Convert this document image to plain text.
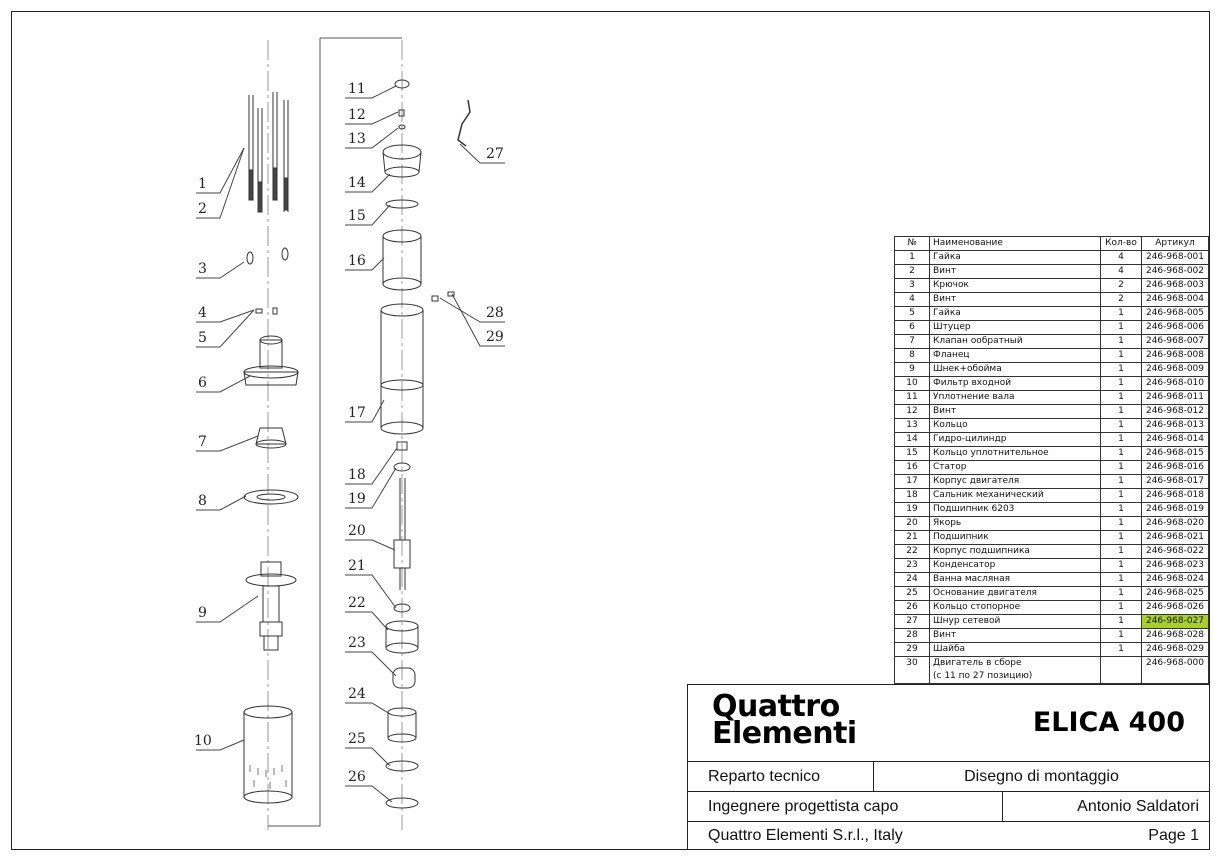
1
2
3
4
5
6
7
8
9
10
11
12
13
14
15
16
17
18
19
20
21
22
23
24
25
26
27
28
29
№	Наименование	Кол-во	Артикул
1	Гайка	4	246-968-001
2	Винт	4	246-968-002
3	Крючок	2	246-968-003
4	Винт	2	246-968-004
5	Гайка	1	246-968-005
6	Штуцер	1	246-968-006
7	Клапан ообратный	1	246-968-007
8	Фланец	1	246-968-008
9	Шнек+обойма	1	246-968-009
10	Фильтр входной	1	246-968-010
11	Уплотнение вала	1	246-968-011
12	Винт	1	246-968-012
13	Кольцо	1	246-968-013
14	Гидро-цилиндр	1	246-968-014
15	Кольцо уплотнительное	1	246-968-015
16	Статор	1	246-968-016
17	Корпус двигателя	1	246-968-017
18	Сальник механический	1	246-968-018
19	Подшипник 6203	1	246-968-019
20	Якорь	1	246-968-020
21	Подшипник	1	246-968-021
22	Корпус подшипника	1	246-968-022
23	Конденсатор	1	246-968-023
24	Ванна масляная	1	246-968-024
25	Основание двигателя	1	246-968-025
26	Кольцо стопорное	1	246-968-026
27	Шнур сетевой	1	246-968-027
28	Винт	1	246-968-028
29	Шайба	1	246-968-029
30	Двигатель в сборе
(с 11 по 27 позицию)		246-968-000
Quattro
Elementi	ELICA 400
Reparto tecnico	Disegno di montaggio
Ingegnere progettista capo	Antonio Saldatori
Quattro Elementi S.r.l., Italy	Page 1
